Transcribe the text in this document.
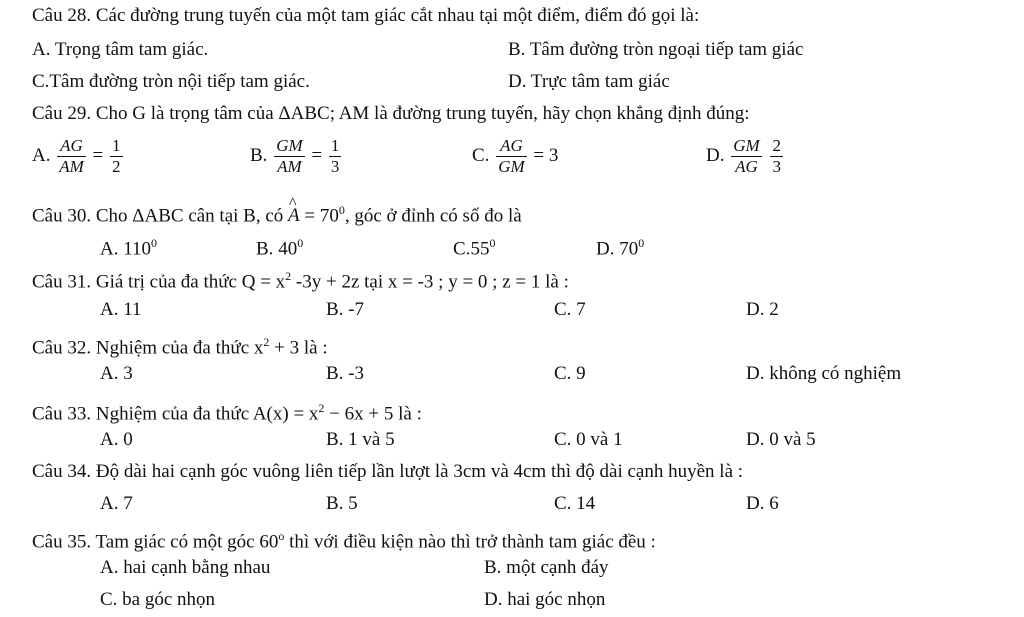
Câu 28. Các đường trung tuyến của một tam giác cắt nhau tại một điểm, điểm đó gọi là:
A. Trọng tâm tam giác.	B. Tâm đường tròn ngoại tiếp tam giác
C.Tâm đường tròn nội tiếp tam giác.	D. Trực tâm tam giác
Câu 29. Cho G là trọng tâm của ΔABC; AM là đường trung tuyến, hãy chọn khẳng định đúng:
A. $\frac{AG}{AM} = \frac{1}{2}$	B. $\frac{GM}{AM} = \frac{1}{3}$	C. $\frac{AG}{GM} = 3$	D. $\frac{GM}{AG}$
$\frac{2}{3}$
Câu 30. Cho ΔABC cân tại B, có ^ $A = 70^0$, góc ở đỉnh có số đo là
A. $110^0$	B. $40^0$	$C.55^0$	D. $70^0$
Câu 31. Giá trị của đa thức $Q = x^2$ -3y + 2z tại x = -3 ; y = 0 ; z = 1 là :
A. 11	B. -7	C. 7	D. 2
Câu 32. Nghiệm của đa thức $x^2 + 3$ là :
A. 3	B. -3	C. 9	D. không có nghiệm
Câu 33. Nghiệm của đa thức $A(x) = x^2 - 6x + 5$ là :
A. 0	B. 1 và 5	C. 0 và 1	D. 0 và 5
Câu 34. Độ dài hai cạnh góc vuông liên tiếp lần lượt là 3cm và 4cm thì độ dài cạnh huyền là :
A. 7	B. 5	C. 14	D. 6
Câu 35. Tam giác có một góc 60$^o$ thì với điều kiện nào thì trở thành tam giác đều :
A. hai cạnh bằng nhau	B. một cạnh đáy
C. ba góc nhọn	D. hai góc nhọn
